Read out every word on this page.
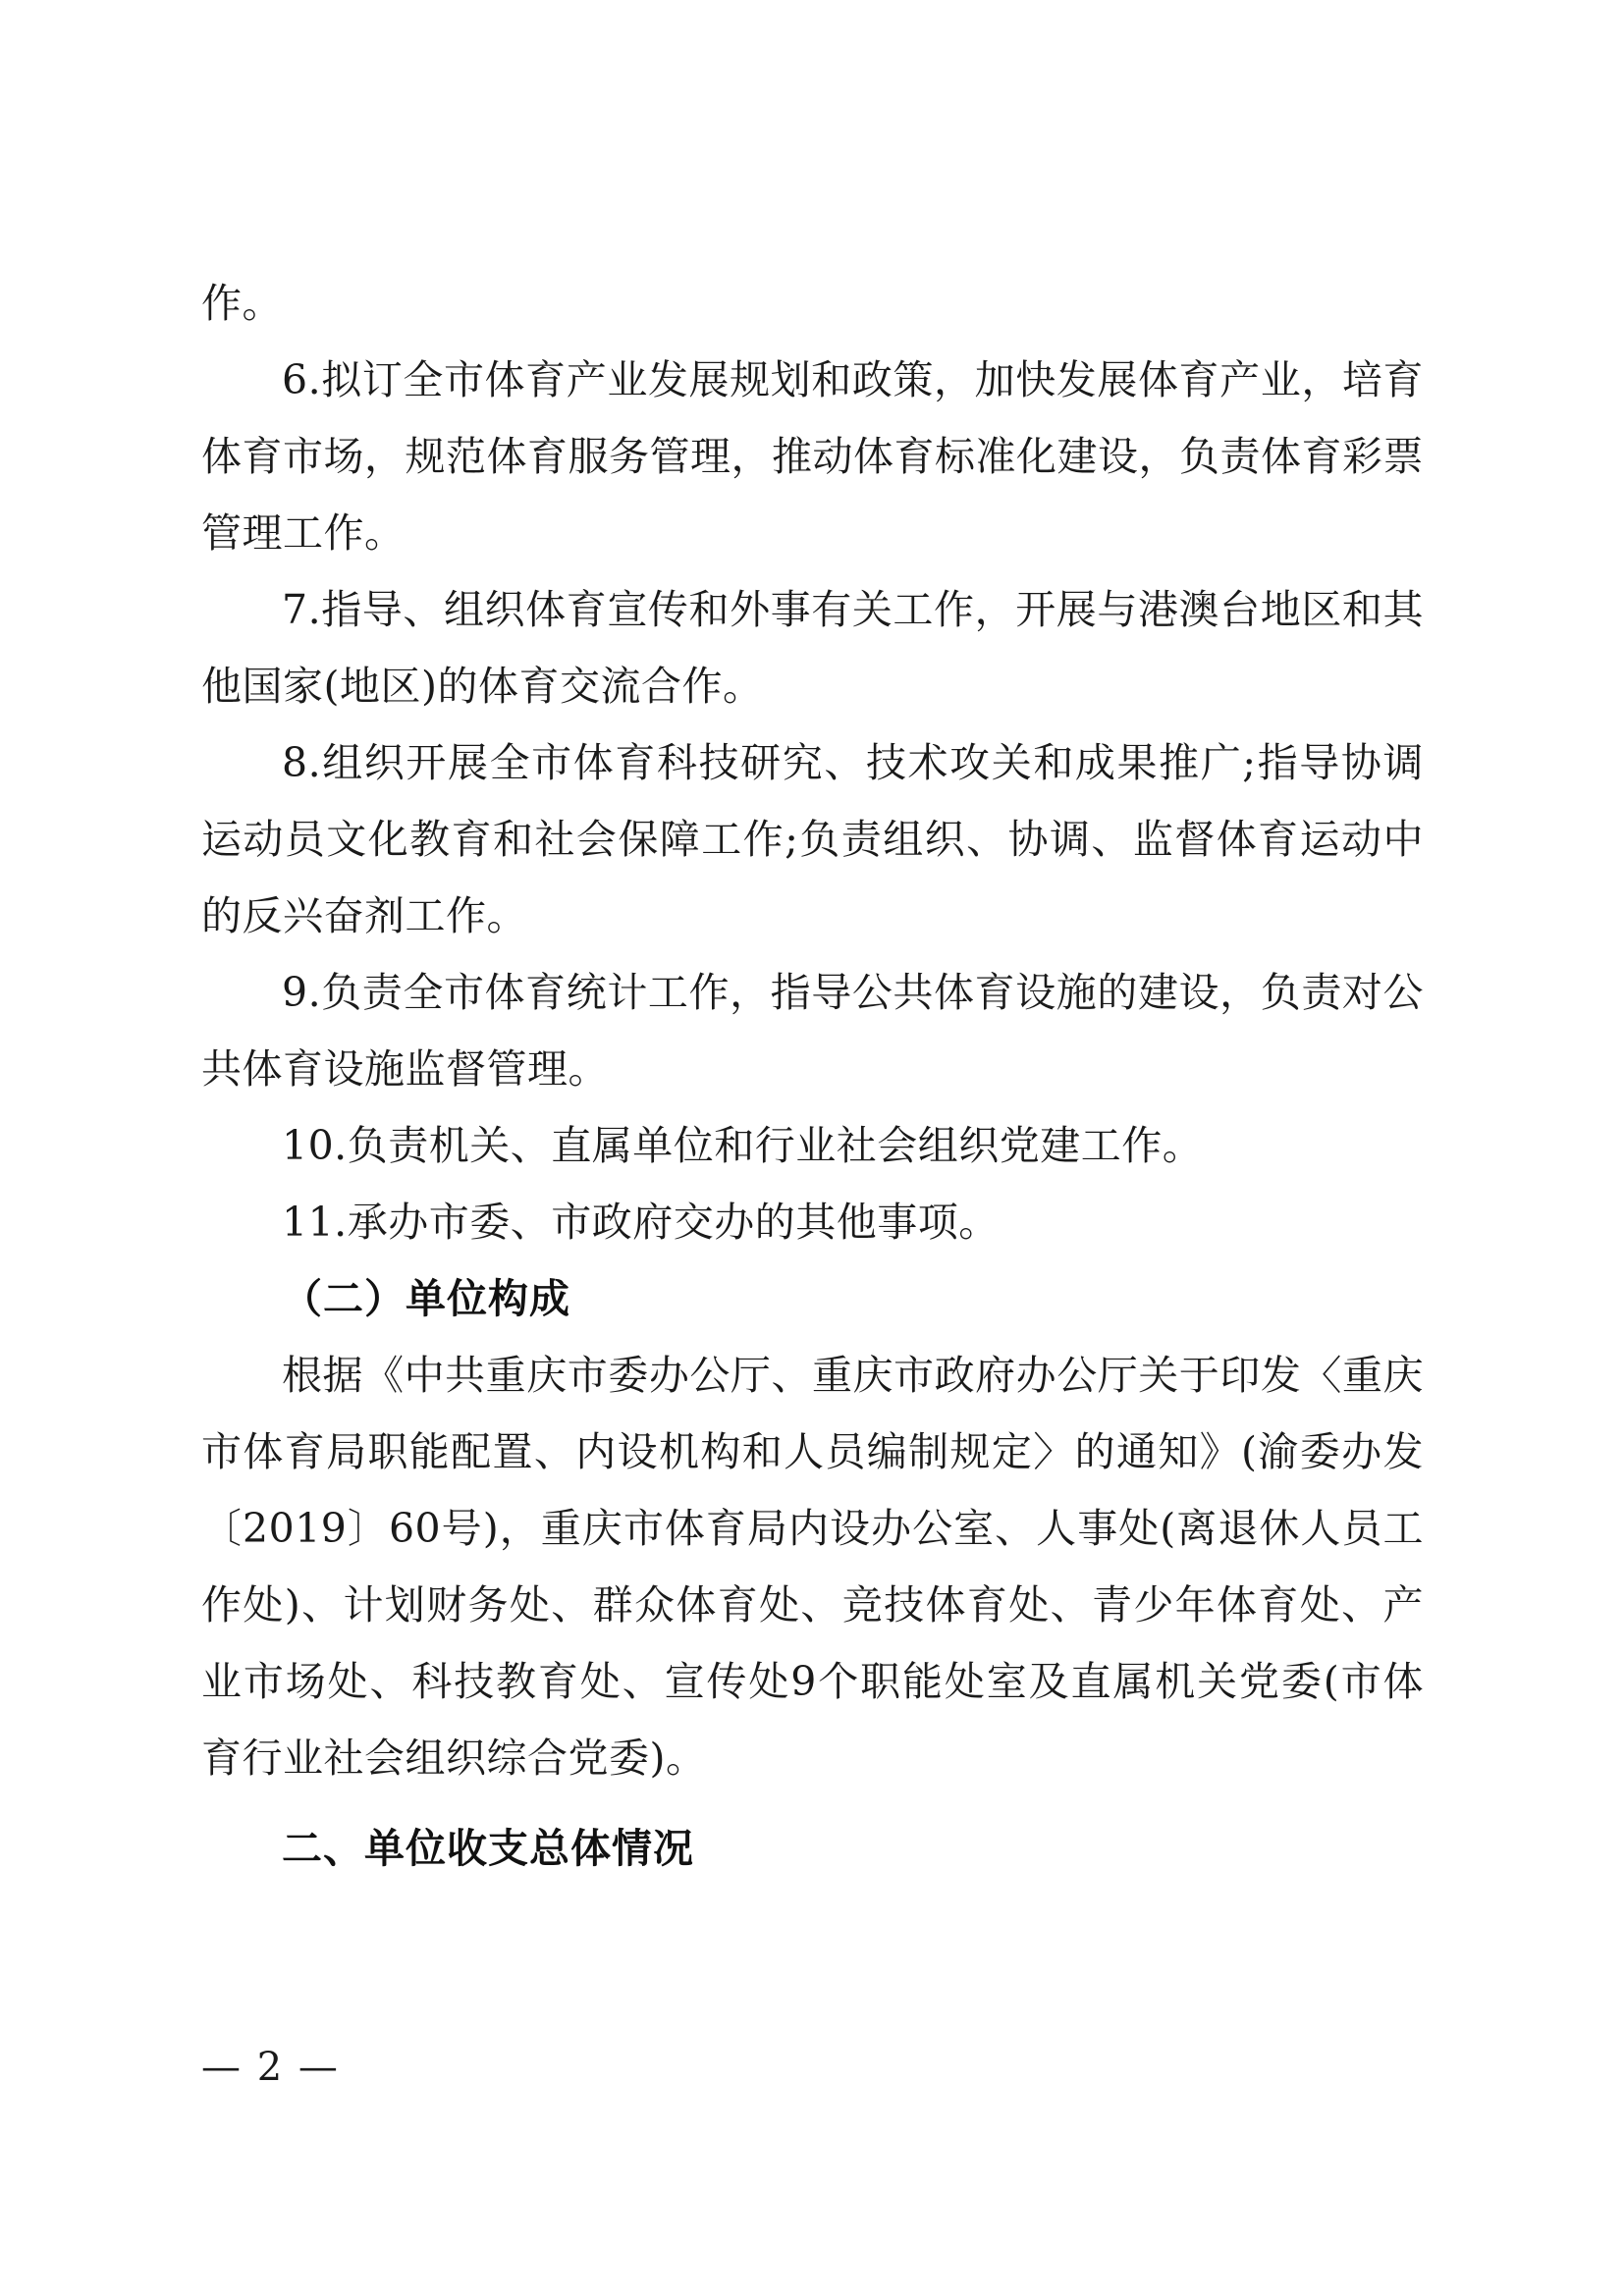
作。

6.拟订全市体育产业发展规划和政策，加快发展体育产业，培育体育市场，规范体育服务管理，推动体育标准化建设，负责体育彩票管理工作。

7.指导、组织体育宣传和外事有关工作，开展与港澳台地区和其他国家(地区)的体育交流合作。

8.组织开展全市体育科技研究、技术攻关和成果推广;指导协调运动员文化教育和社会保障工作;负责组织、协调、监督体育运动中的反兴奋剂工作。

9.负责全市体育统计工作，指导公共体育设施的建设，负责对公共体育设施监督管理。

10.负责机关、直属单位和行业社会组织党建工作。

11.承办市委、市政府交办的其他事项。

（二）单位构成

根据《中共重庆市委办公厅、重庆市政府办公厅关于印发〈重庆市体育局职能配置、内设机构和人员编制规定〉的通知》(渝委办发〔2019〕60号)，重庆市体育局内设办公室、人事处(离退休人员工作处)、计划财务处、群众体育处、竞技体育处、青少年体育处、产业市场处、科技教育处、宣传处9个职能处室及直属机关党委(市体育行业社会组织综合党委)。

二、单位收支总体情况

— 2 —
